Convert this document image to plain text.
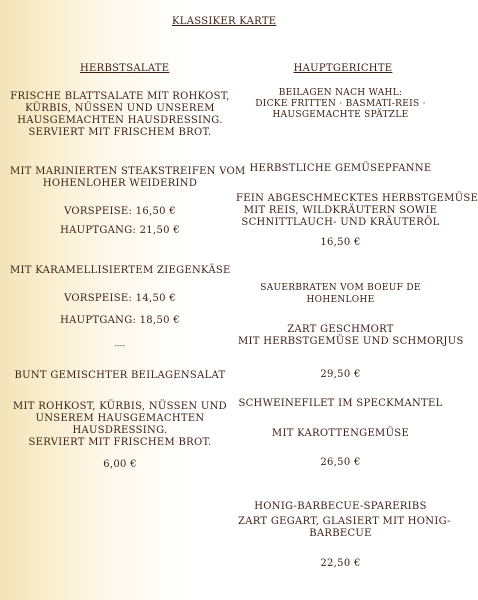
KLASSIKER KARTE
HERBSTSALATE
FRISCHE BLATTSALATE MIT ROHKOST,
KÜRBIS, NÜSSEN UND UNSEREM
HAUSGEMACHTEN HAUSDRESSING.
SERVIERT MIT FRISCHEM BROT.
MIT MARINIERTEN STEAKSTREIFEN VOM
HOHENLOHER WEIDERIND
VORSPEISE: 16,50 €
HAUPTGANG: 21,50 €
MIT KARAMELLISIERTEM ZIEGENKÄSE
VORSPEISE: 14,50 €
HAUPTGANG: 18,50 €
----
BUNT GEMISCHTER BEILAGENSALAT
MIT ROHKOST, KÜRBIS, NÜSSEN UND
UNSEREM HAUSGEMACHTEN
HAUSDRESSING.
SERVIERT MIT FRISCHEM BROT.
6,00 €
HAUPTGERICHTE
BEILAGEN NACH WAHL:
DICKE FRITTEN · BASMATI-REIS ·
HAUSGEMACHTE SPÄTZLE
HERBSTLICHE GEMÜSEPFANNE
FEIN ABGESCHMECKTES HERBSTGEMÜSE
MIT REIS, WILDKRÄUTERN SOWIE
SCHNITTLAUCH- UND KRÄUTERÖL
16,50 €
SAUERBRATEN VOM BOEUF DE
HOHENLOHE
ZART GESCHMORT
MIT HERBSTGEMÜSE UND SCHMORJUS
29,50 €
SCHWEINEFILET IM SPECKMANTEL
MIT KAROTTENGEMÜSE
26,50 €
HONIG-BARBECUE-SPARERIBS
ZART GEGART, GLASIERT MIT HONIG-
BARBECUE
22,50 €
